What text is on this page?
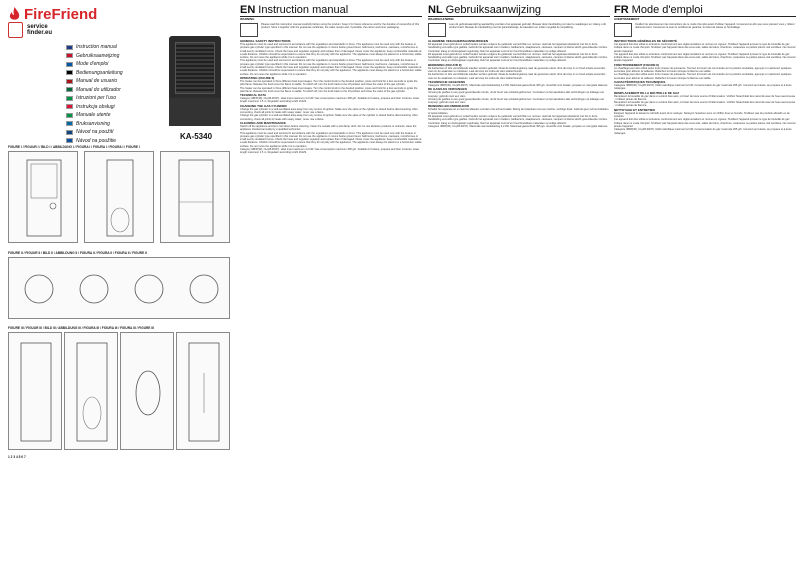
FireFriend
service
finder.eu
Instruction manual
Gebruiksaanwijzing
Mode d'emploi
Bedienungsanleitung
Manual de usuario
Manual do utilizador
Istruzioni per l'uso
Instrukcja obsługi
Manuale utente
Bruksanvisning
Návod na použití
Návod na použitie	KA-5340
FIGURE I / FIGUUR I / BILD I / ABBILDUNG I / FIGURA I / FIGURA I / FIGURA I / FIGURE I
FIGURE II / FIGUUR II / BILD II / ABBILDUNG II / FIGURA II / FIGURA II / FIGURA II / FIGURE II
FIGURE III / FIGUUR III / BILD III / ABBILDUNG III / FIGURA III / FIGURA III / FIGURA III / FIGURE III
1 2 3 4 5 6 7
EN Instruction manual
WARNING
Please read this instruction manual carefully before using the product. Keep it for future reference and for the duration of ownership of this product. Store it together with the guarantee certificate, the sales receipt and, if possible, the carton and inner packaging.
GENERAL SAFETY INSTRUCTIONS
This appliance must be used and serviced in accordance with the regulations and standards in force. This appliance must be used only with the butane or propane gas cylinder type specified in this manual. Do not use the appliance in rooms below ground level, bathrooms, bedrooms, caravans, motorhomes or small poorly ventilated rooms. Check the hose and regulator regularly and replace them if damaged. Never cover the appliance; keep combustible materials at a safe distance. Children should be supervised to ensure that they do not play with the appliance. The appliance must always be placed on a horizontal, stable surface. Do not move the appliance while it is in operation.
This appliance must be used and serviced in accordance with the regulations and standards in force. This appliance must be used only with the butane or propane gas cylinder type specified in this manual. Do not use the appliance in rooms below ground level, bathrooms, bedrooms, caravans, motorhomes or small poorly ventilated rooms. Check the hose and regulator regularly and replace them if damaged. Never cover the appliance; keep combustible materials at a safe distance. Children should be supervised to ensure that they do not play with the appliance. The appliance must always be placed on a horizontal, stable surface. Do not move the appliance while it is in operation.
OPERATING (FIGURE II)
The heater can be operated in three different heat input stages. Turn the control knob to the desired position, press and hold for a few seconds to ignite the pilot flame. Release the knob once the flame is stable. To switch off, turn the knob back to the off position and close the valve of the gas cylinder.
The heater can be operated in three different heat input stages. Turn the control knob to the desired position, press and hold for a few seconds to ignite the pilot flame. Release the knob once the flame is stable. To switch off, turn the knob back to the off position and close the valve of the gas cylinder.
TECHNICAL DATA
Category I3B/P(30), I3+(28-30/37). Heat input maximum 4.2 kW. Gas consumption maximum 305 g/h. Suitable for butane, propane and their mixtures. Hose length maximum 1.5 m. Regulator according to EN 16129.
CHANGING THE GAS CYLINDER
Change the gas cylinder in a well-ventilated area away from any source of ignition. Make sure the valve of the cylinder is closed before disconnecting. After connecting, check all joints for leaks with soapy water; never use a flame.
Change the gas cylinder in a well-ventilated area away from any source of ignition. Make sure the valve of the cylinder is closed before disconnecting. After connecting, check all joints for leaks with soapy water; never use a flame.
CLEANING AND MAINTENANCE
Switch off the appliance and let it cool down before cleaning. Clean the outside with a soft damp cloth. Do not use abrasive products or solvents. Have the appliance checked annually by a qualified technician.
This appliance must be used and serviced in accordance with the regulations and standards in force. This appliance must be used only with the butane or propane gas cylinder type specified in this manual. Do not use the appliance in rooms below ground level, bathrooms, bedrooms, caravans, motorhomes or small poorly ventilated rooms. Check the hose and regulator regularly and replace them if damaged. Never cover the appliance; keep combustible materials at a safe distance. Children should be supervised to ensure that they do not play with the appliance. The appliance must always be placed on a horizontal, stable surface. Do not move the appliance while it is in operation.
Category I3B/P(30), I3+(28-30/37). Heat input maximum 4.2 kW. Gas consumption maximum 305 g/h. Suitable for butane, propane and their mixtures. Hose length maximum 1.5 m. Regulator according to EN 16129.
NL Gebruiksaanwijzing
WAARSCHUWING
Lees de gebruiksaanwijzing aandachtig voordat u het apparaat gebruikt. Bewaar deze handleiding om later te raadplegen en zolang u dit product bezit. Bewaar de handleiding met het garantiebewijs, de kassabon en indien mogelijk de verpakking.
ALGEMENE VEILIGHEIDSAANWIJZINGEN
Dit apparaat moet gebruikt en onderhouden worden volgens de geldende voorschriften en normen. Gebruik het apparaat uitsluitend met het in deze handleiding vermelde type gasfles. Gebruik het apparaat niet in kelders, badkamers, slaapkamers, caravans, campers of kleine slecht geventileerde ruimtes. Controleer slang en drukregelaar regelmatig. Dek het apparaat nooit af en houd brandbare materialen op veilige afstand.
Dit apparaat moet gebruikt en onderhouden worden volgens de geldende voorschriften en normen. Gebruik het apparaat uitsluitend met het in deze handleiding vermelde type gasfles. Gebruik het apparaat niet in kelders, badkamers, slaapkamers, caravans, campers of kleine slecht geventileerde ruimtes. Controleer slang en drukregelaar regelmatig. Dek het apparaat nooit af en houd brandbare materialen op veilige afstand.
BEDIENING (FIGUUR II)
De kachel kan in drie verschillende standen worden gebruikt. Draai de bedieningsknop naar de gewenste stand, druk de knop in en houd enkele seconden vast om de waakvlam te ontsteken. Laat de knop los zodra de vlam stabiel brandt.
De kachel kan in drie verschillende standen worden gebruikt. Draai de bedieningsknop naar de gewenste stand, druk de knop in en houd enkele seconden vast om de waakvlam te ontsteken. Laat de knop los zodra de vlam stabiel brandt.
TECHNISCHE GEGEVENS
Categorie I3B/P(30), I3+(28-30/37). Maximale warmtebelasting 4,2 kW. Maximaal gasverbruik 305 g/u. Geschikt voor butaan, propaan en mengsels daarvan.
DE GASFLES VERVANGEN
Vervang de gasfles in een goed geventileerde ruimte, uit de buurt van ontstekingsbronnen. Controleer na het aansluiten alle verbindingen op lekkage met zeepsop; gebruik nooit een vlam.
Vervang de gasfles in een goed geventileerde ruimte, uit de buurt van ontstekingsbronnen. Controleer na het aansluiten alle verbindingen op lekkage met zeepsop; gebruik nooit een vlam.
REINIGING EN ONDERHOUD
Schakel het apparaat uit en laat het afkoelen voordat u het schoonmaakt. Reinig de buitenkant met een zachte, vochtige doek. Gebruik geen schuurmiddelen of oplosmiddelen.
Dit apparaat moet gebruikt en onderhouden worden volgens de geldende voorschriften en normen. Gebruik het apparaat uitsluitend met het in deze handleiding vermelde type gasfles. Gebruik het apparaat niet in kelders, badkamers, slaapkamers, caravans, campers of kleine slecht geventileerde ruimtes. Controleer slang en drukregelaar regelmatig. Dek het apparaat nooit af en houd brandbare materialen op veilige afstand.
Categorie I3B/P(30), I3+(28-30/37). Maximale warmtebelasting 4,2 kW. Maximaal gasverbruik 305 g/u. Geschikt voor butaan, propaan en mengsels daarvan.
FR Mode d'emploi
AVERTISSEMENT
Veuillez lire attentivement les instructions de ce mode d'emploi avant d'utiliser l'appareil. Conservez-le afin que vous puissiez vous y référer ultérieurement. Conservez-le avec le certificat de garantie, le ticket de caisse et l'emballage.
INSTRUCTIONS GÉNÉRALES DE SÉCURITÉ
Cet appareil doit être utilisé et entretenu conformément aux réglementations et normes en vigueur. N'utilisez l'appareil qu'avec le type de bouteille de gaz indiqué dans ce mode d'emploi. N'utilisez pas l'appareil dans des sous-sols, salles de bains, chambres, caravanes ou petites pièces mal ventilées. Ne couvrez jamais l'appareil.
Cet appareil doit être utilisé et entretenu conformément aux réglementations et normes en vigueur. N'utilisez l'appareil qu'avec le type de bouteille de gaz indiqué dans ce mode d'emploi. N'utilisez pas l'appareil dans des sous-sols, salles de bains, chambres, caravanes ou petites pièces mal ventilées. Ne couvrez jamais l'appareil.
FONCTIONNEMENT (FIGURE II)
Le chauffage peut être utilisé selon trois niveaux de puissance. Tournez le bouton de commande sur la position souhaitée, appuyez et maintenez quelques secondes pour allumer la veilleuse. Relâchez le bouton lorsque la flamme est stable.
Le chauffage peut être utilisé selon trois niveaux de puissance. Tournez le bouton de commande sur la position souhaitée, appuyez et maintenez quelques secondes pour allumer la veilleuse. Relâchez le bouton lorsque la flamme est stable.
CARACTÉRISTIQUES TECHNIQUES
Catégorie I3B/P(30), I3+(28-30/37). Débit calorifique maximal 4,2 kW. Consommation de gaz maximale 305 g/h. Convient au butane, au propane et à leurs mélanges.
REMPLACEMENT DE LA BOUTEILLE DE GAZ
Remplacez la bouteille de gaz dans un endroit bien aéré, à l'écart de toute source d'inflammation. Vérifiez l'étanchéité des raccords avec de l'eau savonneuse ; n'utilisez jamais de flamme.
Remplacez la bouteille de gaz dans un endroit bien aéré, à l'écart de toute source d'inflammation. Vérifiez l'étanchéité des raccords avec de l'eau savonneuse ; n'utilisez jamais de flamme.
NETTOYAGE ET ENTRETIEN
Éteignez l'appareil et laissez-le refroidir avant de le nettoyer. Nettoyez l'extérieur avec un chiffon doux et humide. N'utilisez pas de produits abrasifs ou de solvants.
Cet appareil doit être utilisé et entretenu conformément aux réglementations et normes en vigueur. N'utilisez l'appareil qu'avec le type de bouteille de gaz indiqué dans ce mode d'emploi. N'utilisez pas l'appareil dans des sous-sols, salles de bains, chambres, caravanes ou petites pièces mal ventilées. Ne couvrez jamais l'appareil.
Catégorie I3B/P(30), I3+(28-30/37). Débit calorifique maximal 4,2 kW. Consommation de gaz maximale 305 g/h. Convient au butane, au propane et à leurs mélanges.
